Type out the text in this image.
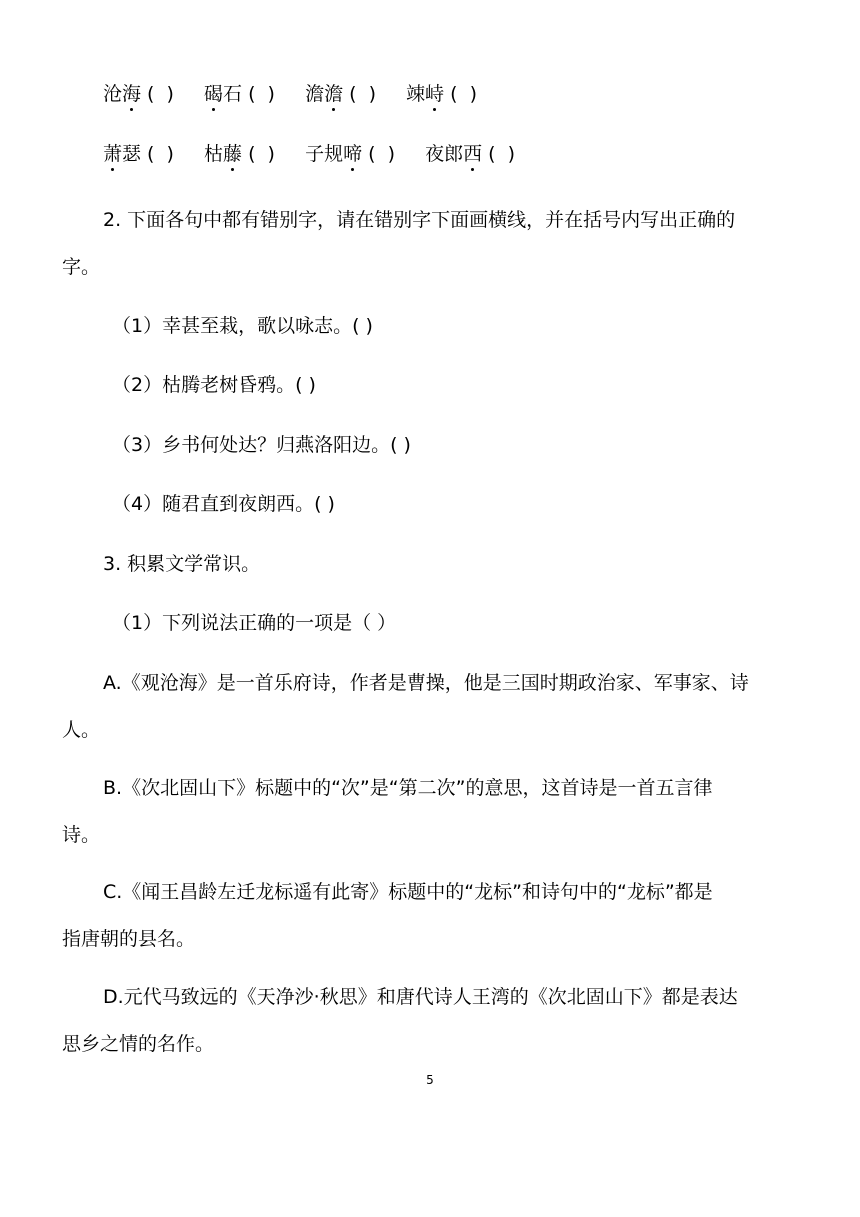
沧海 (  ) 碣石 (  ) 澹澹 (  ) 竦峙 (  )
萧瑟 (  ) 枯藤 (  ) 子规啼 (  ) 夜郎西 (  )
2. 下面各句中都有错别字，请在错别字下面画横线，并在括号内写出正确的
字。
（1）幸甚至栽，歌以咏志。( )
（2）枯腾老树昏鸦。( )
（3）乡书何处达？归燕洛阳边。( )
（4）随君直到夜朗西。( )
3. 积累文学常识。
（1）下列说法正确的一项是（ ）
A.《观沧海》是一首乐府诗，作者是曹操，他是三国时期政治家、军事家、诗
人。
B.《次北固山下》标题中的“次”是“第二次”的意思，这首诗是一首五言律
诗。
C.《闻王昌龄左迁龙标遥有此寄》标题中的“龙标”和诗句中的“龙标”都是
指唐朝的县名。
D.元代马致远的《天净沙·秋思》和唐代诗人王湾的《次北固山下》都是表达
思乡之情的名作。
5
